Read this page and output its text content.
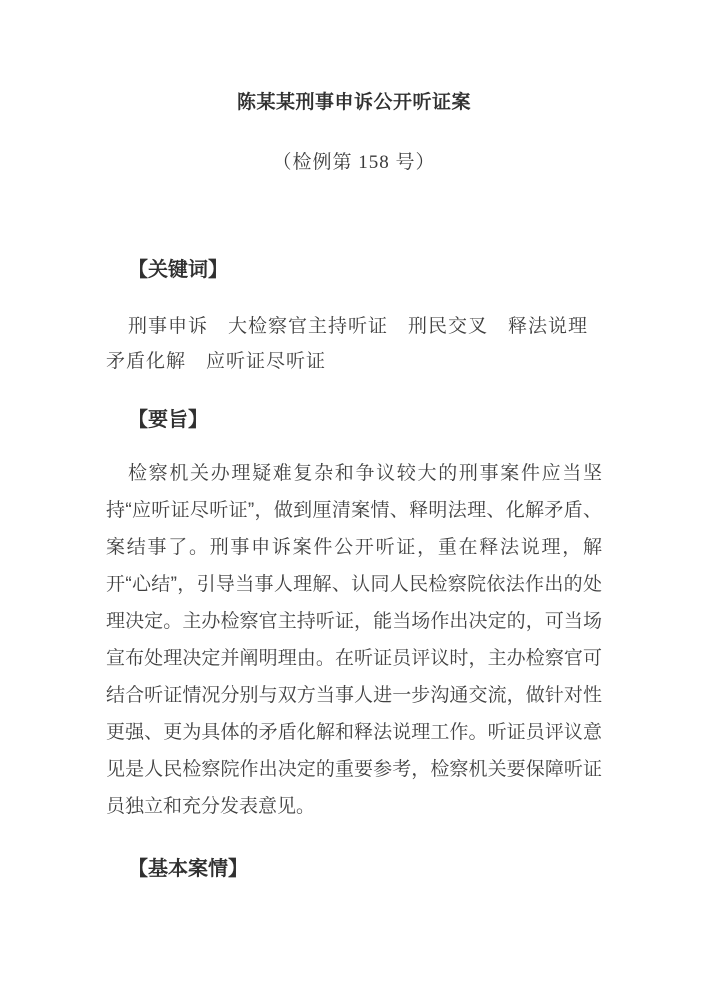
陈某某刑事申诉公开听证案
（检例第 158 号）
【关键词】
刑事申诉　大检察官主持听证　刑民交叉　释法说理
矛盾化解　应听证尽听证
【要旨】

检察机关办理疑难复杂和争议较大的刑事案件应当坚持“应听证尽听证”，做到厘清案情、释明法理、化解矛盾、案结事了。刑事申诉案件公开听证，重在释法说理，解开“心结”，引导当事人理解、认同人民检察院依法作出的处理决定。主办检察官主持听证，能当场作出决定的，可当场宣布处理决定并阐明理由。在听证员评议时，主办检察官可结合听证情况分别与双方当事人进一步沟通交流，做针对性更强、更为具体的矛盾化解和释法说理工作。听证员评议意见是人民检察院作出决定的重要参考，检察机关要保障听证员独立和充分发表意见。

【基本案情】
